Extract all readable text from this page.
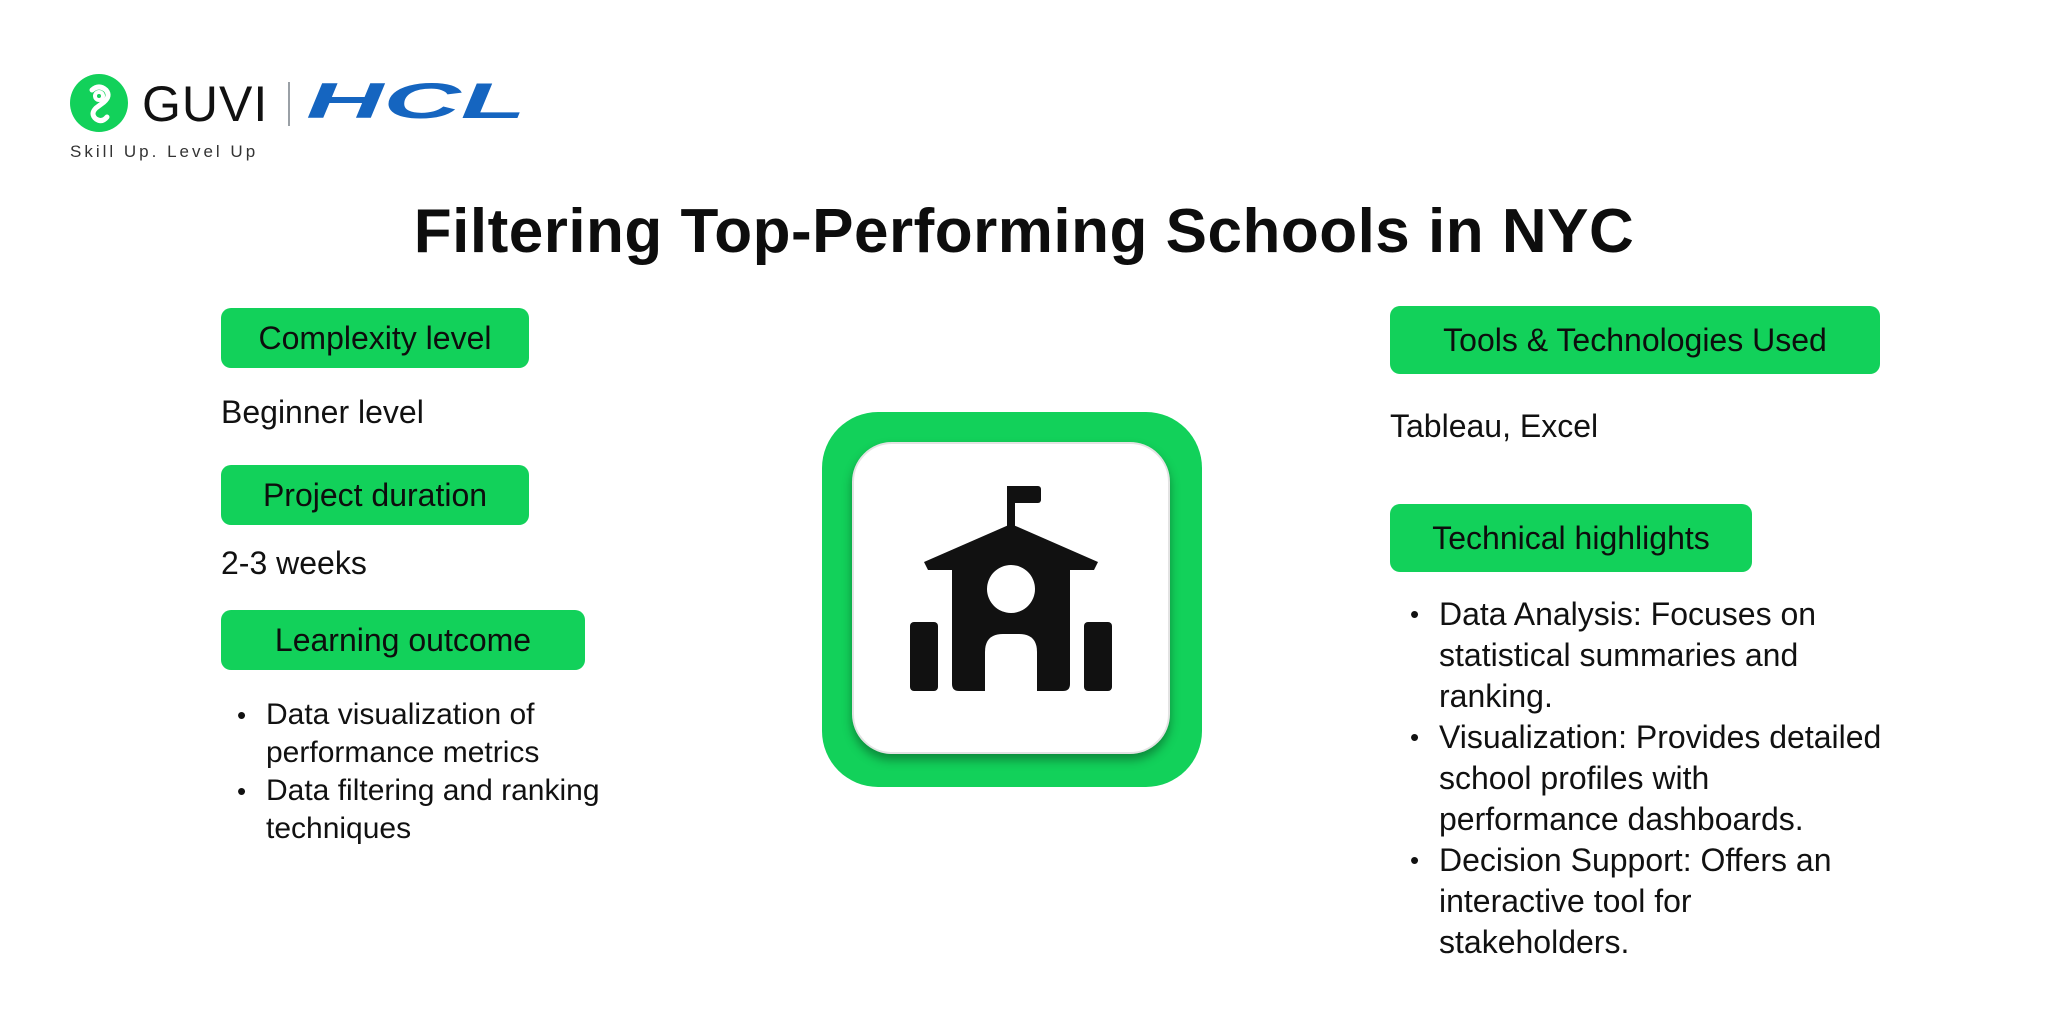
GUVI HCL
Skill Up. Level Up
Filtering Top-Performing Schools in NYC
Complexity level
Beginner level
Project duration
2-3 weeks
Learning outcome
• Data visualization of
performance metrics
• Data filtering and ranking
techniques
Tools & Technologies Used
Tableau, Excel
Technical highlights
• Data Analysis: Focuses on
statistical summaries and
ranking.
• Visualization: Provides detailed
school profiles with
performance dashboards.
• Decision Support: Offers an
interactive tool for
stakeholders.
